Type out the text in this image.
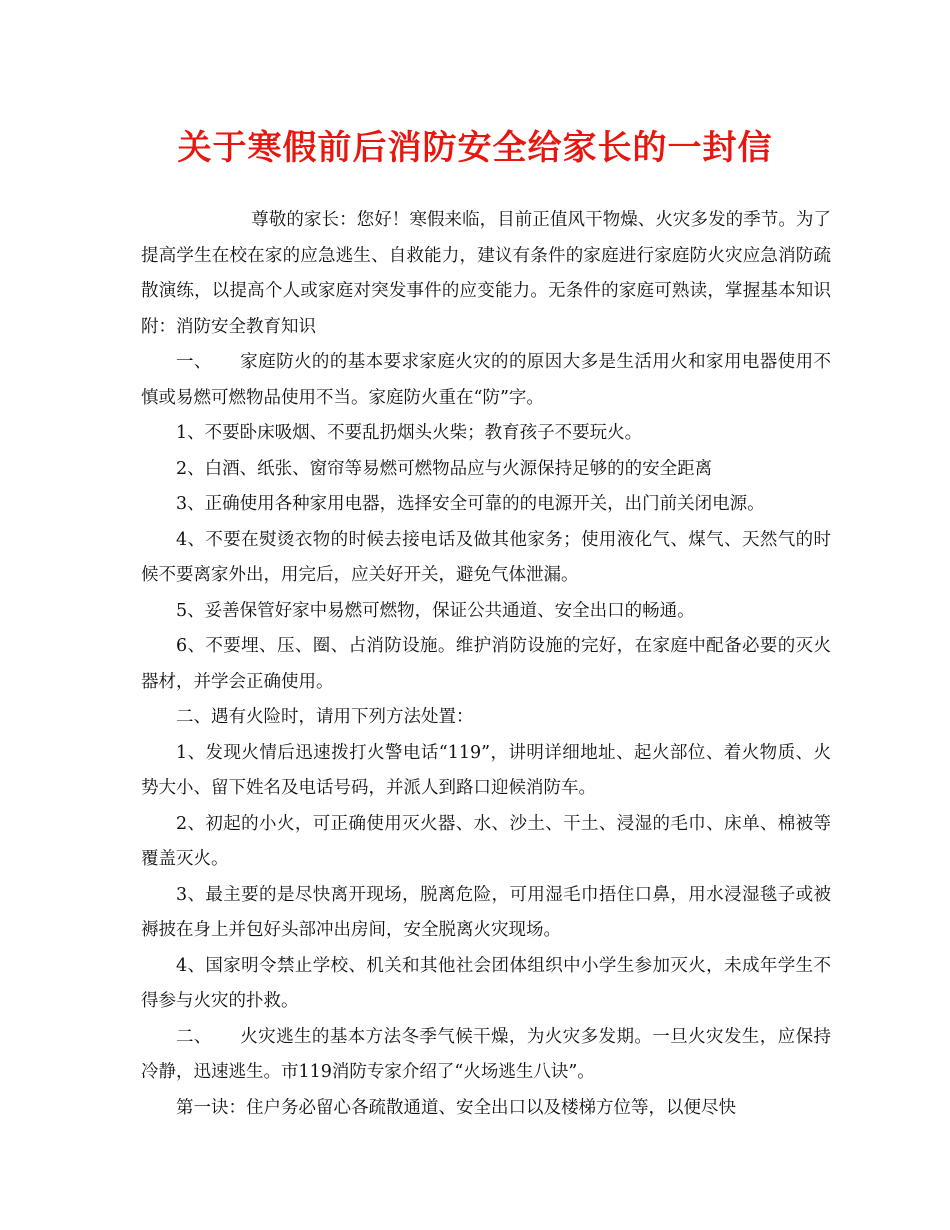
关于寒假前后消防安全给家长的一封信

尊敬的家长：您好！寒假来临，目前正值风干物燥、火灾多发的季节。为了提高学生在校在家的应急逃生、自救能力，建议有条件的家庭进行家庭防火灾应急消防疏散演练，以提高个人或家庭对突发事件的应变能力。无条件的家庭可熟读，掌握基本知识附：消防安全教育知识

一、 家庭防火的的基本要求家庭火灾的的原因大多是生活用火和家用电器使用不慎或易燃可燃物品使用不当。家庭防火重在“防”字。

1、不要卧床吸烟、不要乱扔烟头火柴；教育孩子不要玩火。

2、白酒、纸张、窗帘等易燃可燃物品应与火源保持足够的的安全距离

3、正确使用各种家用电器，选择安全可靠的的电源开关，出门前关闭电源。

4、不要在熨烫衣物的时候去接电话及做其他家务；使用液化气、煤气、天然气的时候不要离家外出，用完后，应关好开关，避免气体泄漏。

5、妥善保管好家中易燃可燃物，保证公共通道、安全出口的畅通。

6、不要埋、压、圈、占消防设施。维护消防设施的完好，在家庭中配备必要的灭火器材，并学会正确使用。

二、遇有火险时，请用下列方法处置：

1、发现火情后迅速拨打火警电话“119”，讲明详细地址、起火部位、着火物质、火势大小、留下姓名及电话号码，并派人到路口迎候消防车。

2、初起的小火，可正确使用灭火器、水、沙土、干土、浸湿的毛巾、床单、棉被等覆盖灭火。

3、最主要的是尽快离开现场，脱离危险，可用湿毛巾捂住口鼻，用水浸湿毯子或被褥披在身上并包好头部冲出房间，安全脱离火灾现场。

4、国家明令禁止学校、机关和其他社会团体组织中小学生参加灭火，未成年学生不得参与火灾的扑救。

二、 火灾逃生的基本方法冬季气候干燥，为火灾多发期。一旦火灾发生，应保持冷静，迅速逃生。市119消防专家介绍了“火场逃生八诀”。

第一诀：住户务必留心各疏散通道、安全出口以及楼梯方位等，以便尽快
